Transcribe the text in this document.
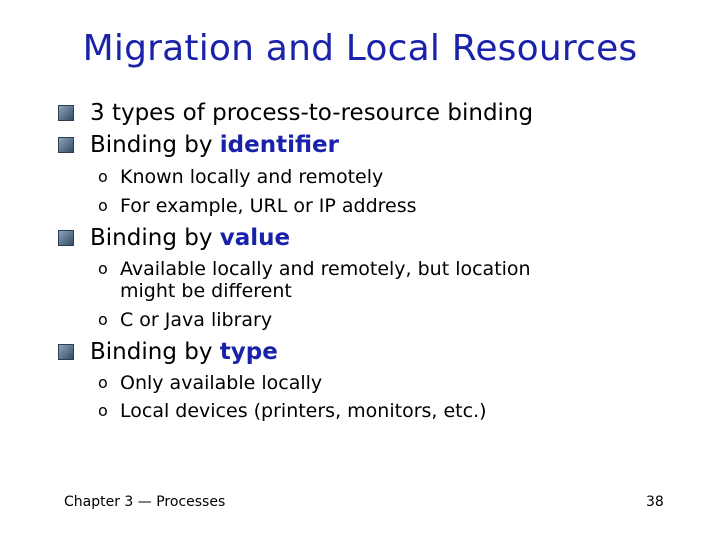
Migration and Local Resources
3 types of process-to-resource binding
Binding by identifier
o Known locally and remotely
o For example, URL or IP address
Binding by value
o Available locally and remotely, but location
might be different
o C or Java library
Binding by type
o Only available locally
o Local devices (printers, monitors, etc.)
Chapter 3 — Processes	38
